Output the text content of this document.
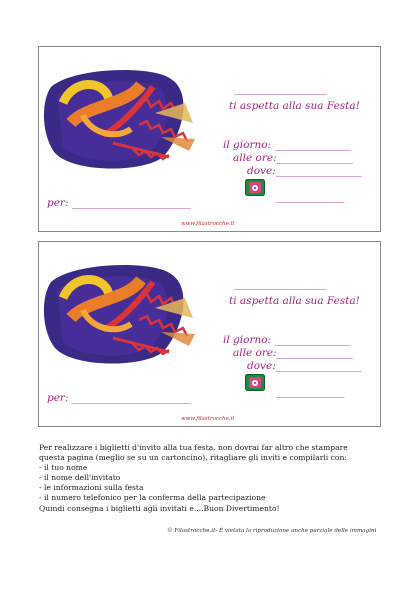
_______________________
ti aspetta alla sua Festa!
il giorno: ________________
alle ore:________________
dove:__________________
_________________
per: _________________________
www.filastrocche.it
_______________________
ti aspetta alla sua Festa!
il giorno: ________________
alle ore:________________
dove:__________________
_________________
per: _________________________
www.filastrocche.it
Per realizzare i biglietti d'invito alla tua festa, non dovrai far altro che stampare
questa pagina (meglio se su un cartoncino), ritagliare gli inviti e compilarli con:
- il tuo nome
- il nome dell'invitato
- le informazioni sulla festa
- il numero telefonico per la conferma della partecipazione
Quindi consegna i biglietti agli invitati e....Buon Divertimento!
© Filastrocche.it- È vietata la riproduzione anche parziale delle immagini
